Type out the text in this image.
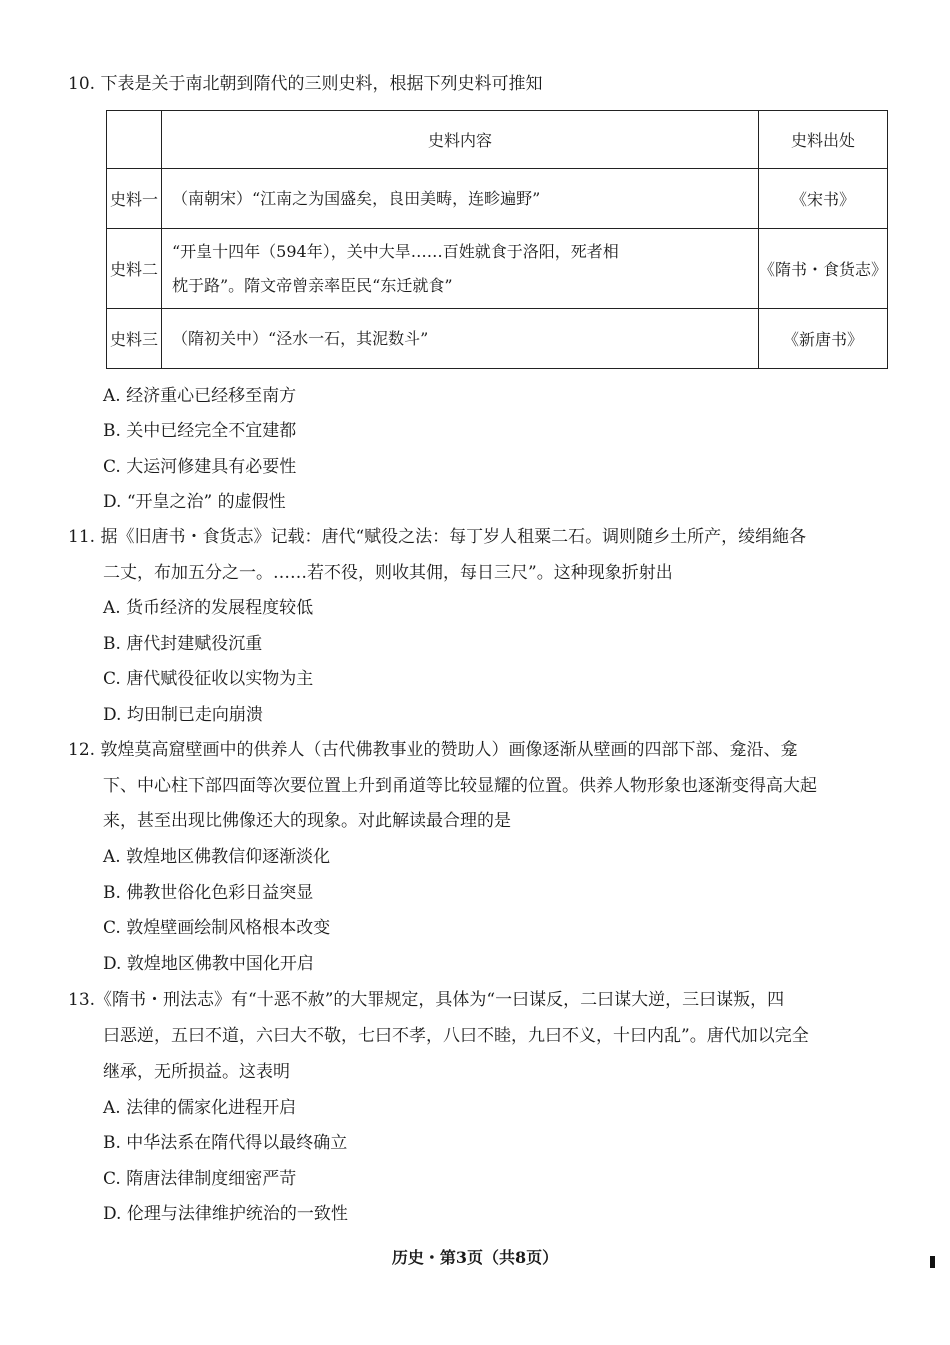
10. 下表是关于南北朝到隋代的三则史料，根据下列史料可推知
	史料内容	史料出处
史料一	（南朝宋）“江南之为国盛矣，良田美畴，连畛遍野”	《宋书》
史料二	“开皇十四年（594年），关中大旱……百姓就食于洛阳，死者相
枕于路”。隋文帝曾亲率臣民“东迁就食”	《隋书・食货志》
史料三	（隋初关中）“泾水一石，其泥数斗”	《新唐书》
A. 经济重心已经移至南方
B. 关中已经完全不宜建都
C. 大运河修建具有必要性
D. “开皇之治” 的虚假性
11. 据《旧唐书・食货志》记载：唐代“赋役之法：每丁岁人租粟二石。调则随乡土所产，绫绢絁各
二丈，布加五分之一。……若不役，则收其佣，每日三尺”。这种现象折射出
A. 货币经济的发展程度较低
B. 唐代封建赋役沉重
C. 唐代赋役征收以实物为主
D. 均田制已走向崩溃
12. 敦煌莫高窟壁画中的供养人（古代佛教事业的赞助人）画像逐渐从壁画的四部下部、龛沿、龛
下、中心柱下部四面等次要位置上升到甬道等比较显耀的位置。供养人物形象也逐渐变得高大起
来，甚至出现比佛像还大的现象。对此解读最合理的是
A. 敦煌地区佛教信仰逐渐淡化
B. 佛教世俗化色彩日益突显
C. 敦煌壁画绘制风格根本改变
D. 敦煌地区佛教中国化开启
13.《隋书・刑法志》有“十恶不赦”的大罪规定，具体为“一曰谋反，二曰谋大逆，三曰谋叛，四
曰恶逆，五曰不道，六曰大不敬，七曰不孝，八曰不睦，九曰不义，十曰内乱”。唐代加以完全
继承，无所损益。这表明
A. 法律的儒家化进程开启
B. 中华法系在隋代得以最终确立
C. 隋唐法律制度细密严苛
D. 伦理与法律维护统治的一致性
历史・第3页（共8页）
